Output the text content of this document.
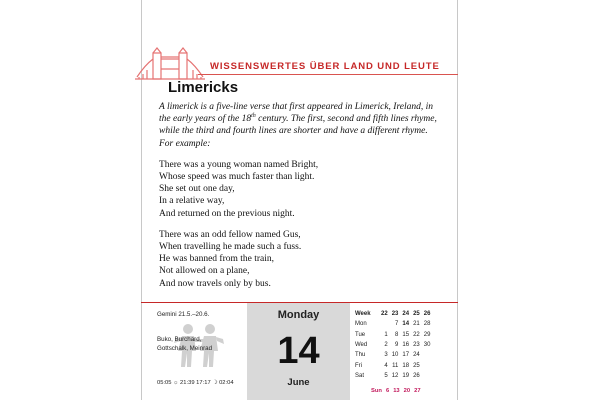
WISSENSWERTES ÜBER LAND UND LEUTE
Limericks

A limerick is a five-line verse that first appeared in Limerick, Ireland, in the early years of the 18th century. The first, second and fifth lines rhyme, while the third and fourth lines are shorter and have a different rhyme. For example:

There was a young woman named Bright,
Whose speed was much faster than light.
She set out one day,
In a relative way,
And returned on the previous night.
There was an odd fellow named Gus,
When travelling he made such a fuss.
He was banned from the train,
Not allowed on a plane,
And now travels only by bus.
Gemini 21.5.–20.6.
Buko, Burchard,
Gottschalk, Meinrad
05:05 ☼ 21:39 17:17 ☽ 02:04
Monday
14
June
Week	22	23	24	25	26
Mon		7	14	21	28
Tue	1	8	15	22	29
Wed	2	9	16	23	30
Thu	3	10	17	24	
Fri	4	11	18	25	
Sat	5	12	19	26	

Sun	6	13	20	27	
